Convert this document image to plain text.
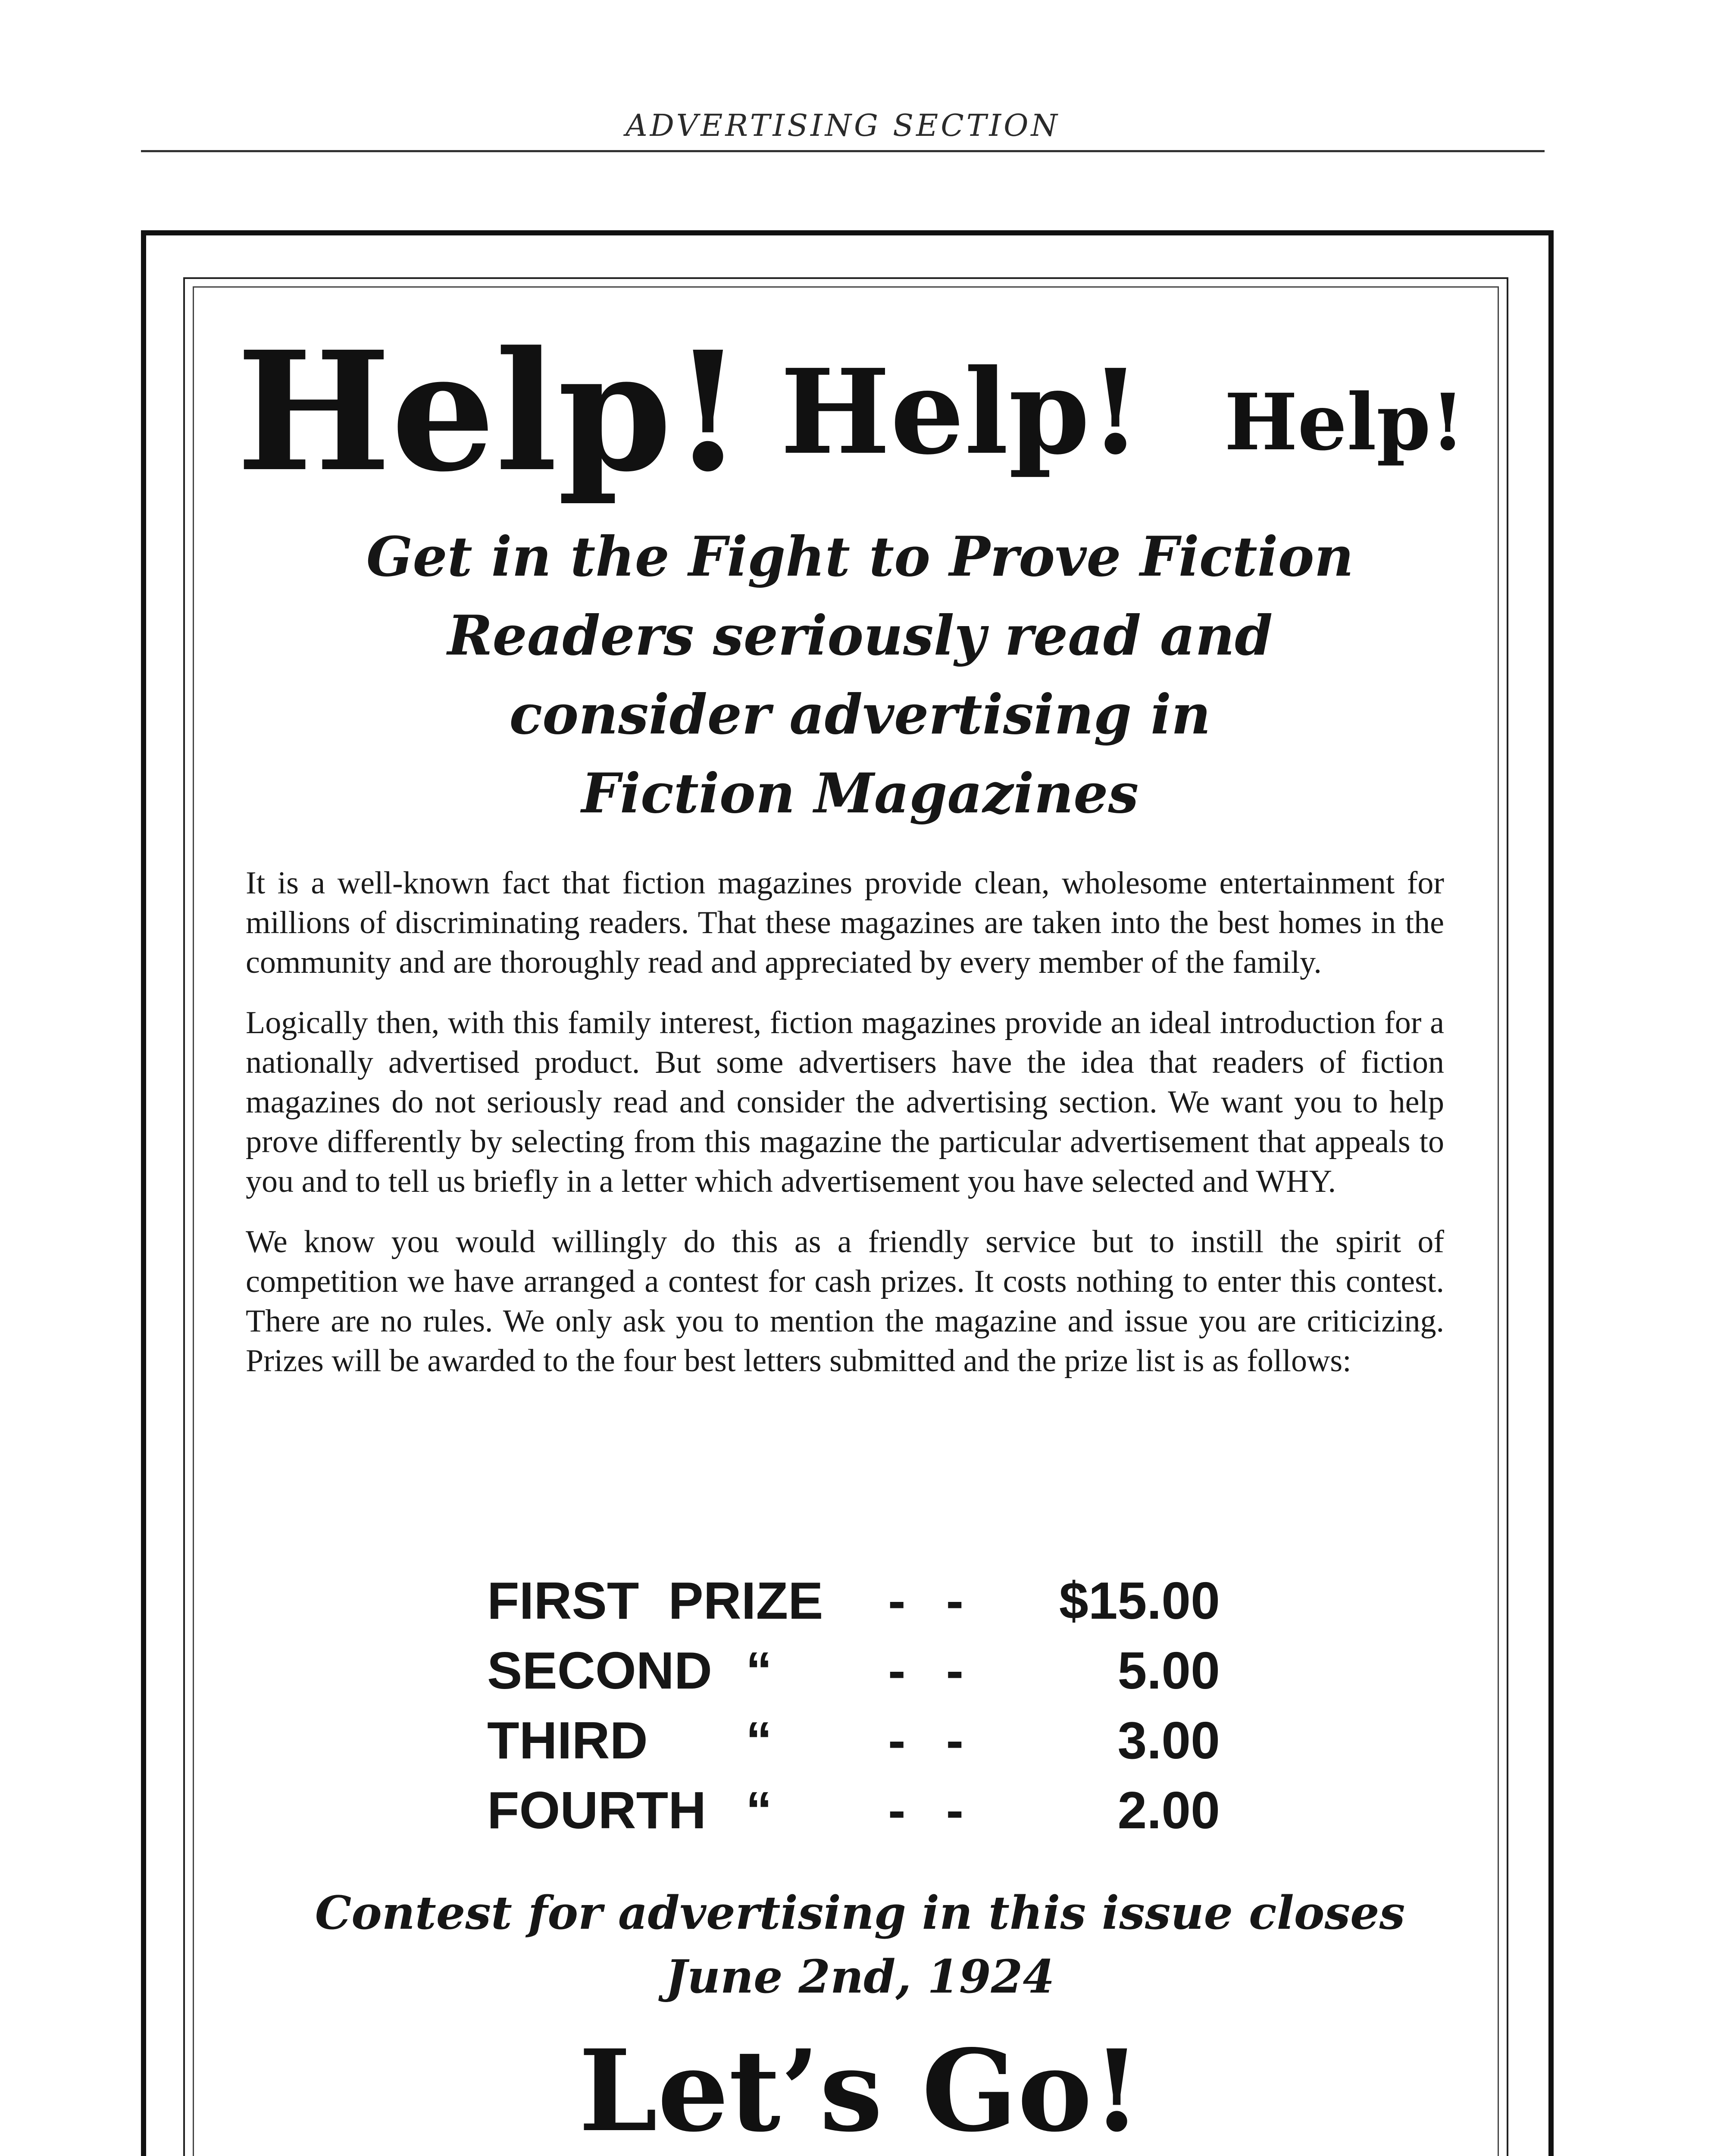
ADVERTISING SECTION
Help! Help! Help!
Get in the Fight to Prove Fiction
Readers seriously read and
consider advertising in
Fiction Magazines

It is a well-known fact that fiction magazines provide clean, wholesome entertainment for millions of discriminating readers. That these magazines are taken into the best homes in the community and are thoroughly read and appreciated by every member of the family.

Logically then, with this family interest, fiction magazines provide an ideal introduction for a nationally advertised product. But some advertisers have the idea that readers of fiction magazines do not seriously read and consider the advertising section. We want you to help prove differently by selecting from this magazine the particular advertisement that appeals to you and to tell us briefly in a letter which advertisement you have selected and WHY.

We know you would willingly do this as a friendly service but to instill the spirit of competition we have arranged a contest for cash prizes. It costs nothing to enter this contest. There are no rules. We only ask you to mention the magazine and issue you are criticizing. Prizes will be awarded to the four best letters submitted and the prize list is as follows:

FIRST  PRIZE - -	$15.00
SECOND “ - -	5.00
THIRD “ - -	3.00
FOURTH “ - -	2.00
Contest for advertising in this issue closes
June 2nd, 1924
Let’s Go!
